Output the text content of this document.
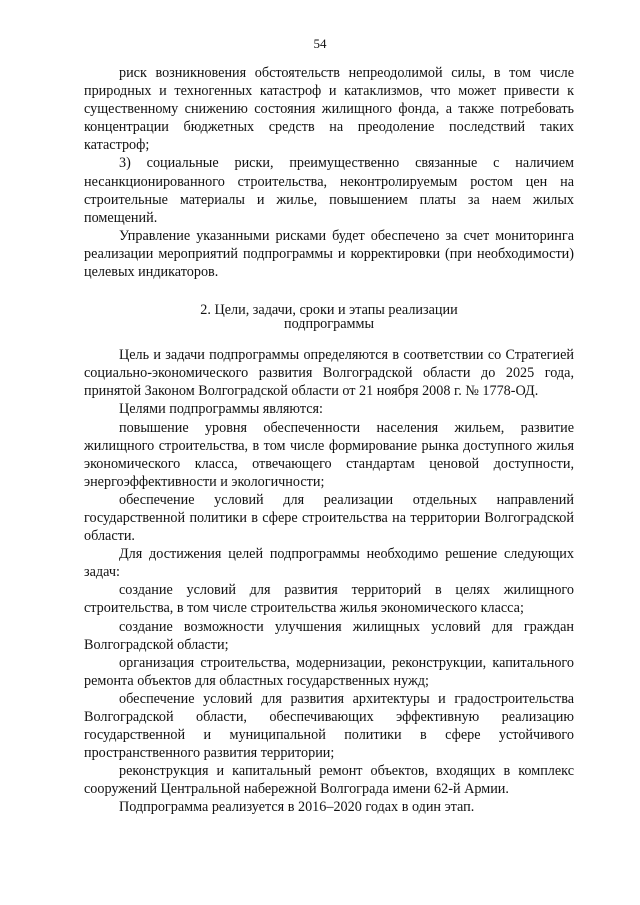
54

риск возникновения обстоятельств непреодолимой силы, в том числе природных и техногенных катастроф и катаклизмов, что может привести к существенному снижению состояния жилищного фонда, а также потребовать концентрации бюджетных средств на преодоление последствий таких катастроф;

3) социальные риски, преимущественно связанные с наличием несанкционированного строительства, неконтролируемым ростом цен на строительные материалы и жилье, повышением платы за наем жилых помещений.

Управление указанными рисками будет обеспечено за счет мониторинга реализации мероприятий подпрограммы и корректировки (при необходимости) целевых индикаторов.

2. Цели, задачи, сроки и этапы реализации
подпрограммы

Цель и задачи подпрограммы определяются в соответствии со Стратегией социально-экономического развития Волгоградской области до 2025 года, принятой Законом Волгоградской области от 21 ноября 2008 г. № 1778-ОД.

Целями подпрограммы являются:

повышение уровня обеспеченности населения жильем, развитие жилищного строительства, в том числе формирование рынка доступного жилья экономического класса, отвечающего стандартам ценовой доступности, энергоэффективности и экологичности;

обеспечение условий для реализации отдельных направлений государственной политики в сфере строительства на территории Волгоградской области.

Для достижения целей подпрограммы необходимо решение следующих задач:

создание условий для развития территорий в целях жилищного строительства, в том числе строительства жилья экономического класса;

создание возможности улучшения жилищных условий для граждан Волгоградской области;

организация строительства, модернизации, реконструкции, капитального ремонта объектов для областных государственных нужд;

обеспечение условий для развития архитектуры и градостроительства Волгоградской области, обеспечивающих эффективную реализацию государственной и муниципальной политики в сфере устойчивого пространственного развития территории;

реконструкция и капитальный ремонт объектов, входящих в комплекс сооружений Центральной набережной Волгограда имени 62-й Армии.

Подпрограмма реализуется в 2016–2020 годах в один этап.
